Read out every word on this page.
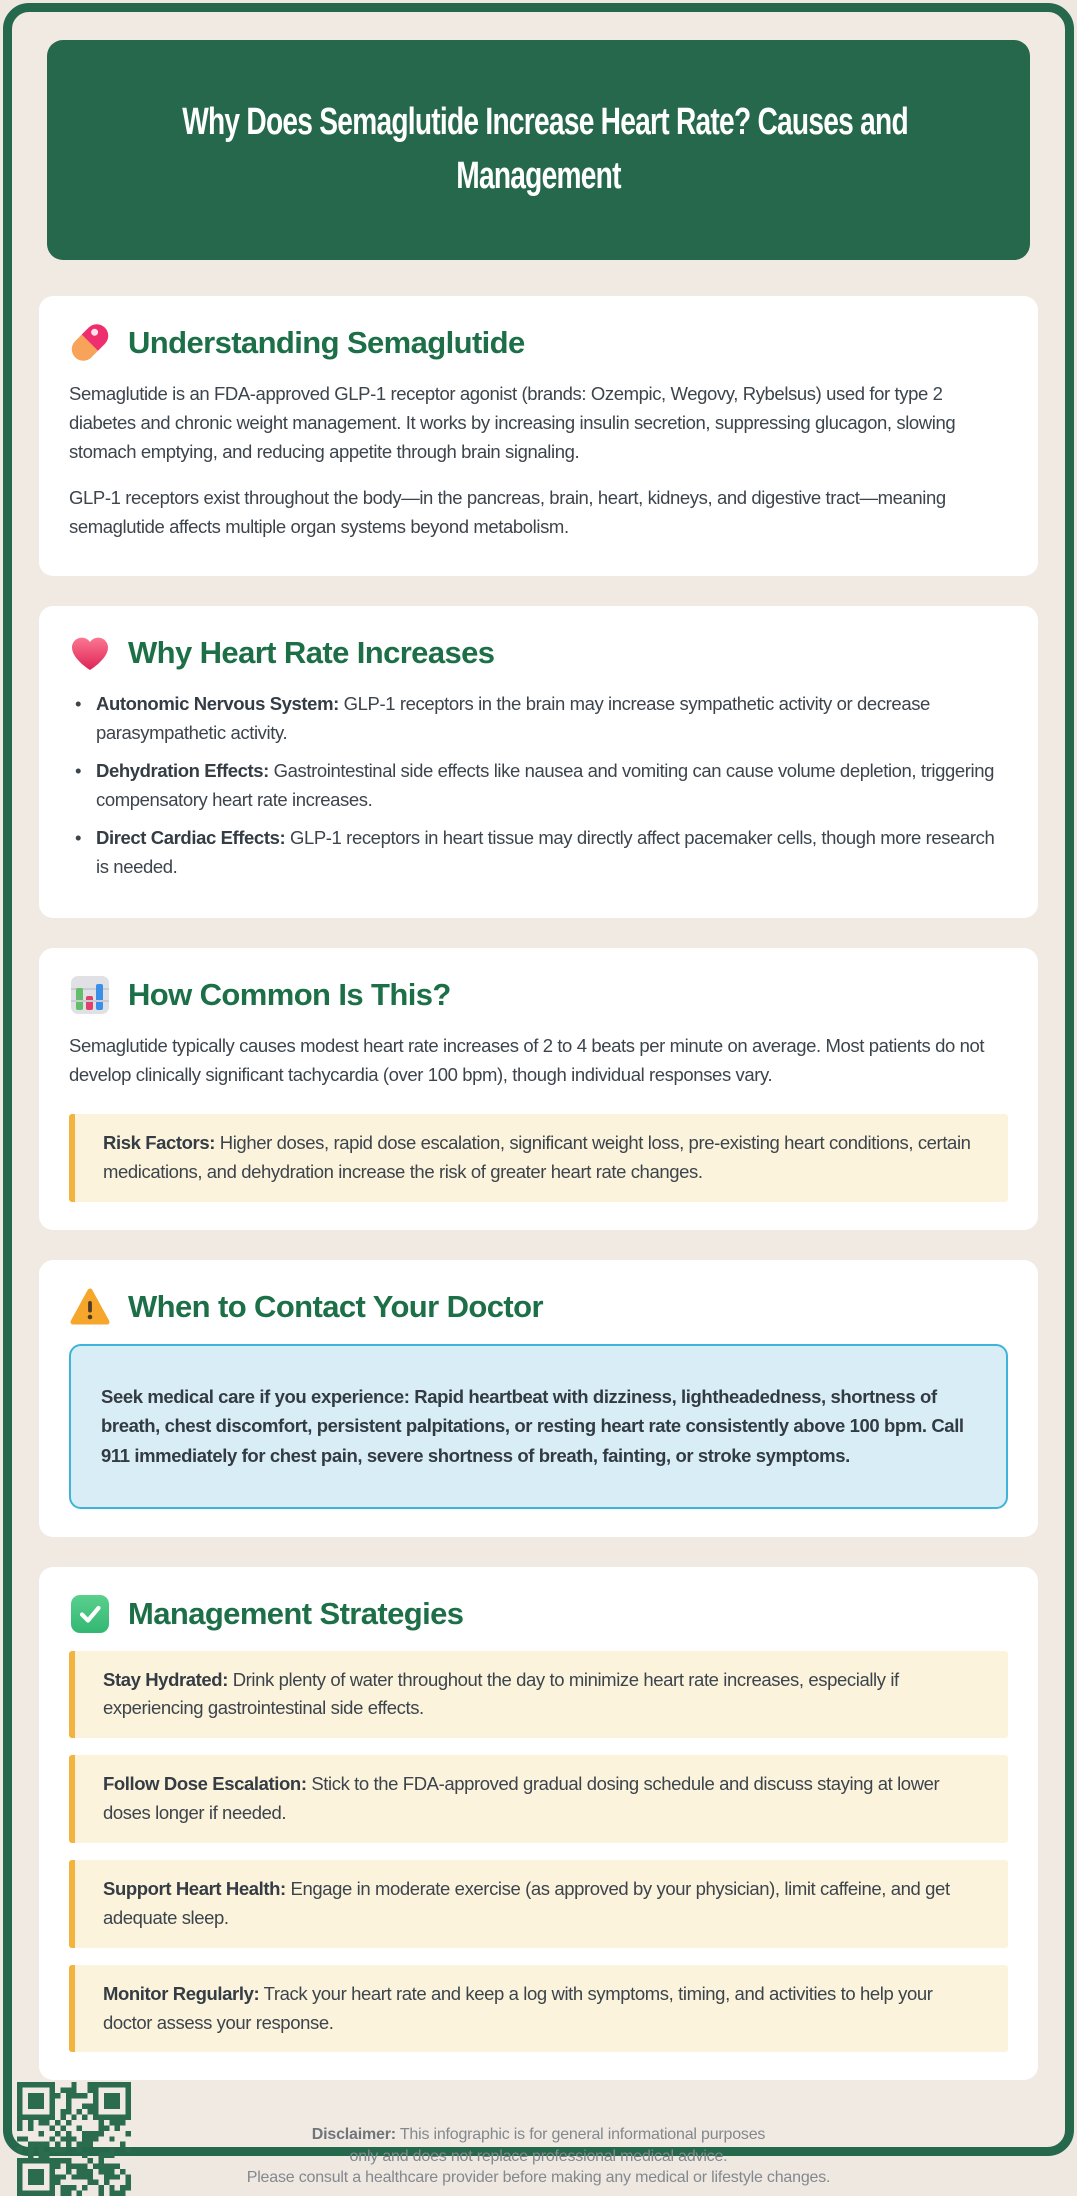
Why Does Semaglutide Increase Heart Rate? Causes and
Management
Understanding Semaglutide

Semaglutide is an FDA-approved GLP-1 receptor agonist (brands: Ozempic, Wegovy, Rybelsus) used for type 2 diabetes and chronic weight management. It works by increasing insulin secretion, suppressing glucagon, slowing stomach emptying, and reducing appetite through brain signaling.

GLP-1 receptors exist throughout the body—in the pancreas, brain, heart, kidneys, and digestive tract—meaning semaglutide affects multiple organ systems beyond metabolism.

Why Heart Rate Increases
• Autonomic Nervous System: GLP-1 receptors in the brain may increase sympathetic activity or decrease parasympathetic activity.
• Dehydration Effects: Gastrointestinal side effects like nausea and vomiting can cause volume depletion, triggering compensatory heart rate increases.
• Direct Cardiac Effects: GLP-1 receptors in heart tissue may directly affect pacemaker cells, though more research is needed.
How Common Is This?

Semaglutide typically causes modest heart rate increases of 2 to 4 beats per minute on average. Most patients do not develop clinically significant tachycardia (over 100 bpm), though individual responses vary.

Risk Factors: Higher doses, rapid dose escalation, significant weight loss, pre-existing heart conditions, certain medications, and dehydration increase the risk of greater heart rate changes.
When to Contact Your Doctor
Seek medical care if you experience: Rapid heartbeat with dizziness, lightheadedness, shortness of breath, chest discomfort, persistent palpitations, or resting heart rate consistently above 100 bpm. Call 911 immediately for chest pain, severe shortness of breath, fainting, or stroke symptoms.
Management Strategies
Stay Hydrated: Drink plenty of water throughout the day to minimize heart rate increases, especially if experiencing gastrointestinal side effects.
Follow Dose Escalation: Stick to the FDA-approved gradual dosing schedule and discuss staying at lower doses longer if needed.
Support Heart Health: Engage in moderate exercise (as approved by your physician), limit caffeine, and get adequate sleep.
Monitor Regularly: Track your heart rate and keep a log with symptoms, timing, and activities to help your doctor assess your response.

Disclaimer: This infographic is for general informational purposes
only and does not replace professional medical advice.
Please consult a healthcare provider before making any medical or lifestyle changes.
